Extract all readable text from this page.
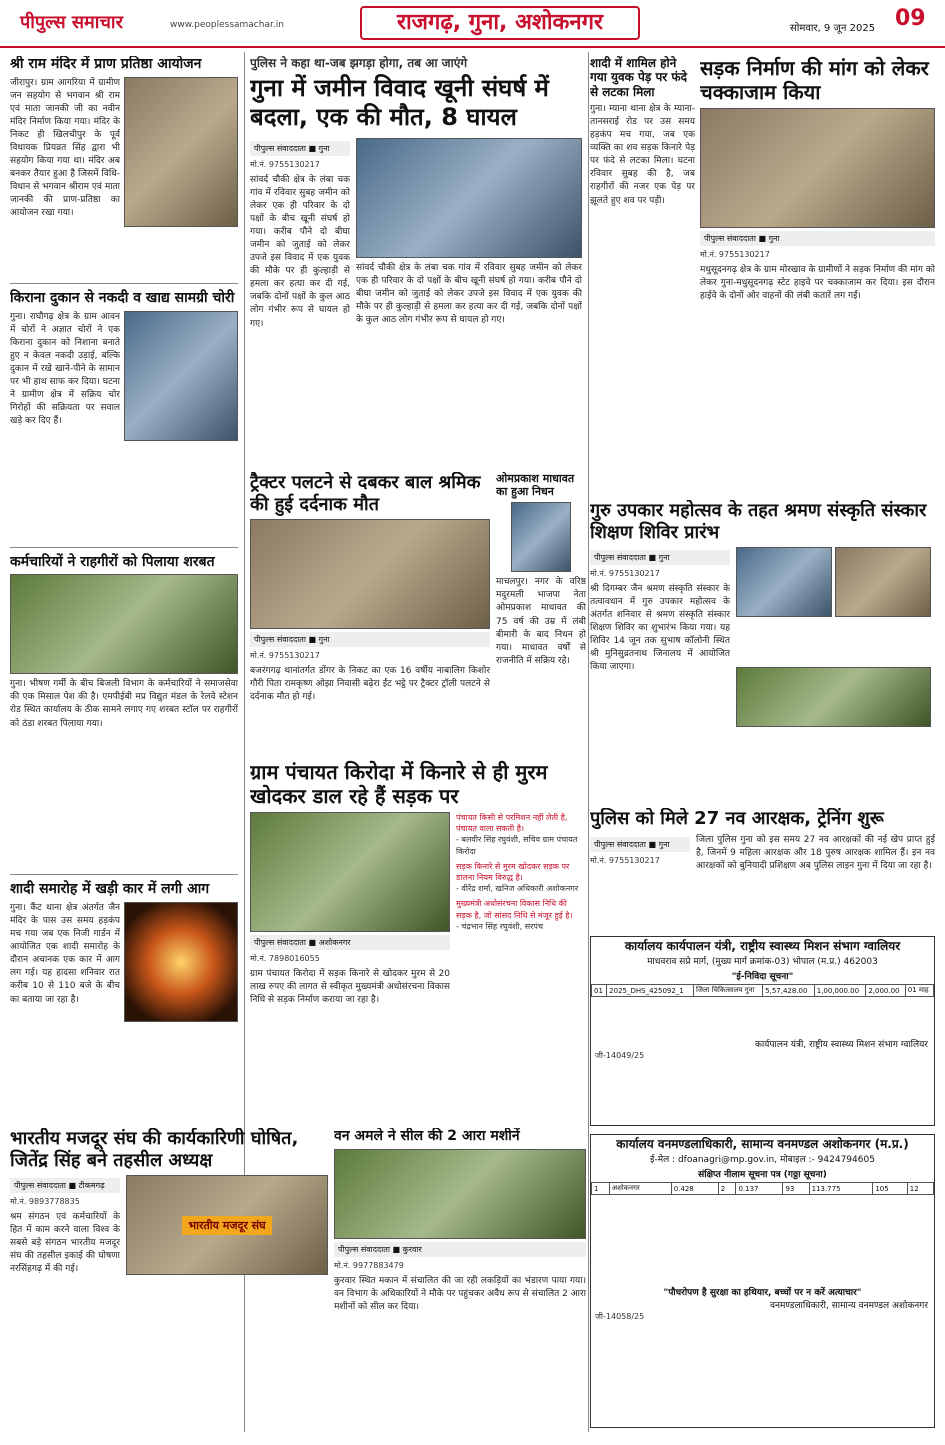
पीपुल्स समाचार	www.peoplessamachar.in	राजगढ़, गुना, अशोकनगर	सोमवार, 9 जून 2025 09
श्री राम मंदिर में प्राण प्रतिष्ठा आयोजन
जीरापुर। ग्राम आगरिया में ग्रामीण जन सहयोग से भगवान श्री राम एवं माता जानकी जी का नवीन मंदिर निर्माण किया गया। मंदिर के निकट ही खिलचीपुर के पूर्व विधायक प्रियव्रत सिंह द्वारा भी सहयोग किया गया था। मंदिर अब बनकर तैयार हुआ है जिसमें विधि-विधान से भगवान श्रीराम एवं माता जानकी की प्राण-प्रतिष्ठा का आयोजन रखा गया।
किराना दुकान से नकदी व खाद्य सामग्री चोरी
गुना। राघौगढ़ क्षेत्र के ग्राम आवन में चोरों ने अज्ञात चोरों ने एक किराना दुकान को निशाना बनाते हुए न केवल नकदी उड़ाई, बल्कि दुकान में रखे खाने-पीने के सामान पर भी हाथ साफ कर दिया। घटना ने ग्रामीण क्षेत्र में सक्रिय चोर गिरोहों की सक्रियता पर सवाल खड़े कर दिए हैं।
कर्मचारियों ने राहगीरों को पिलाया शरबत
गुना। भीषण गर्मी के बीच बिजली विभाग के कर्मचारियों ने समाजसेवा की एक मिसाल पेश की है। एमपीईबी मप्र विद्युत मंडल के रेलवे स्टेशन रोड स्थित कार्यालय के ठीक सामने लगाए गए शरबत स्टॉल पर राहगीरों को ठंडा शरबत पिलाया गया।
शादी समारोह में खड़ी कार में लगी आग
गुना। कैंट थाना क्षेत्र अंतर्गत जैन मंदिर के पास उस समय हड़कंप मच गया जब एक निजी गार्डन में आयोजित एक शादी समारोह के दौरान अचानक एक कार में आग लग गई। यह हादसा शनिवार रात करीब 10 से 110 बजे के बीच का बताया जा रहा है।
पुलिस ने कहा था-जब झगड़ा होगा, तब आ जाएंगे
गुना में जमीन विवाद खूनी संघर्ष में बदला, एक की मौत, 8 घायल
पीपुल्स संवाददाता ■ गुना
मो.नं. 9755130217
सांवर्द चौकी क्षेत्र के लंबा चक गांव में रविवार सुबह जमीन को लेकर एक ही परिवार के दो पक्षों के बीच खूनी संघर्ष हो गया। करीब पौने दो बीघा जमीन को जुताई को लेकर उपजे इस विवाद में एक युवक की मौके पर ही कुल्हाड़ी से हमला कर हत्या कर दी गई, जबकि दोनों पक्षों के कुल आठ लोग गंभीर रूप से घायल हो गए।
सांवर्द चौकी क्षेत्र के लंबा चक गांव में रविवार सुबह जमीन को लेकर एक ही परिवार के दो पक्षों के बीच खूनी संघर्ष हो गया। करीब पौने दो बीघा जमीन को जुताई को लेकर उपजे इस विवाद में एक युवक की मौके पर ही कुल्हाड़ी से हमला कर हत्या कर दी गई, जबकि दोनों पक्षों के कुल आठ लोग गंभीर रूप से घायल हो गए।
शादी में शामिल होने गया युवक पेड़ पर फंदे से लटका मिला
गुना। म्याना थाना क्षेत्र के म्याना-तानसराई रोड पर उस समय हड़कंप मच गया, जब एक व्यक्ति का शव सड़क किनारे पेड़ पर फंदे से लटका मिला। घटना रविवार सुबह की है, जब राहगीरों की नजर एक पेड़ पर झूलते हुए शव पर पड़ी।
सड़क निर्माण की मांग को लेकर चक्काजाम किया
पीपुल्स संवाददाता ■ गुना
मो.नं. 9755130217
मधुसूदनगढ़ क्षेत्र के ग्राम मोरखाव के ग्रामीणों ने सड़क निर्माण की मांग को लेकर गुना-मधुसूदनगढ़ स्टेट हाइवे पर चक्काजाम कर दिया। इस दौरान हाईवे के दोनों ओर वाहनों की लंबी कतारें लग गईं।
ट्रैक्टर पलटने से दबकर बाल श्रमिक की हुई दर्दनाक मौत
पीपुल्स संवाददाता ■ गुना
मो.नं. 9755130217
बजरंगगढ़ थानांतर्गत डोंगर के निकट का एक 16 वर्षीय नाबालिग किशोर गौरी पिता रामकृष्ण ओझा निवासी बढ़ेरा ईंट भट्ठे पर ट्रैक्टर ट्रॉली पलटने से दर्दनाक मौत हो गई।
ओमप्रकाश माधावत का हुआ निधन
माचलपुर। नगर के वरिष्ठ मदुरमली भाजपा नेता ओमप्रकाश माधावत की 75 वर्ष की उम्र में लंबी बीमारी के बाद निधन हो गया। माधावत वर्षों से राजनीति में सक्रिय रहे।
गुरु उपकार महोत्सव के तहत श्रमण संस्कृति संस्कार शिक्षण शिविर प्रारंभ
पीपुल्स संवाददाता ■ गुना
मो.नं. 9755130217
श्री दिगम्बर जैन श्रमण संस्कृति संस्कार के तत्वावधान में गुरु उपकार महोत्सव के अंतर्गत शनिवार से श्रमण संस्कृति संस्कार शिक्षण शिविर का शुभारंभ किया गया। यह शिविर 14 जून तक सुभाष कॉलोनी स्थित श्री मुनिसुव्रतनाथ जिनालय में आयोजित किया जाएगा।
पुलिस को मिले 27 नव आरक्षक, ट्रेनिंग शुरू
पीपुल्स संवाददाता ■ गुना
मो.नं. 9755130217
जिला पुलिस गुना को इस समय 27 नव आरक्षकों की नई खेप प्राप्त हुई है, जिनमें 9 महिला आरक्षक और 18 पुरुष आरक्षक शामिल हैं। इन नव आरक्षकों को बुनियादी प्रशिक्षण अब पुलिस लाइन गुना में दिया जा रहा है।
ग्राम पंचायत किरोदा में किनारे से ही मुरम खोदकर डाल रहे हैं सड़क पर
पीपुल्स संवाददाता ■ अशोकनगर
मो.नं. 7898016055
ग्राम पंचायत किरोदा में सड़क किनारे से खोदकर मुरम से 20 लाख रुपए की लागत से स्वीकृत मुख्यमंत्री अधोसंरचना विकास निधि से सड़क निर्माण कराया जा रहा है।
पंचायत किसी से परमिशन नहीं लेती है, पंचायत वाला सकती है।
- बलवीर सिंह रघुवंशी, सचिव ग्राम पंचायत किरोदा
सड़क किनारे से मुरम खोदकर सड़क पर डालना नियम विरुद्ध है।
- वीरेंद्र शर्मा, खनिज अधिकारी अशोकनगर
मुख्यमंत्री अधोसंरचना विकास निधि की सड़क है, जो सांसद निधि से मंजूर हुई है।
- चंद्रभान सिंह रघुवंशी, सरपंच
भारतीय मजदूर संघ की कार्यकारिणी घोषित, जितेंद्र सिंह बने तहसील अध्यक्ष
पीपुल्स संवाददाता ■ टीकमगढ़
मो.नं. 9893778835
श्रम संगठन एवं कर्मचारियों के हित में काम करने वाला विश्व के सबसे बड़े संगठन भारतीय मजदूर संघ की तहसील इकाई की घोषणा नरसिंहगढ़ में की गई।
भारतीय मजदूर संघ
वन अमले ने सील की 2 आरा मशीनें
पीपुल्स संवाददाता ■ कुरवार
मो.नं. 9977883479
कुरवार स्थित मकान में संचालित की जा रही लकड़ियों का भंडारण पाया गया। वन विभाग के अधिकारियों ने मौके पर पहुंचकर अवैध रूप से संचालित 2 आरा मशीनों को सील कर दिया।
कार्यालय कार्यपालन यंत्री, राष्ट्रीय स्वास्थ्य मिशन संभाग ग्वालियर
माधवराव सप्रे मार्ग, (मुख्य मार्ग क्रमांक-03) भोपाल (म.प्र.) 462003
"ई-निविदा सूचना"
01	2025_DHS_425092_1	जिला चिकित्सालय गुना	5,57,428.00	1,00,000.00	2,000.00	01 माह
कार्यपालन यंत्री, राष्ट्रीय स्वास्थ्य मिशन संभाग ग्वालियर
जी-14049/25
कार्यालय वनमण्डलाधिकारी, सामान्य वनमण्डल अशोकनगर (म.प्र.)
ई-मेल : dfoanagri@mp.gov.in, मोबाइल :- 9424794605
संक्षिप्त नीलाम सूचना पत्र (गठ्ठा सूचना)
1	अशोकनगर	0.428	2	0.137	93	113.775	105	12
"पौधरोपण है सुरक्षा का हथियार, बच्चों पर न करें अत्याचार"
वनमण्डलाधिकारी, सामान्य वनमण्डल अशोकनगर
जी-14058/25
